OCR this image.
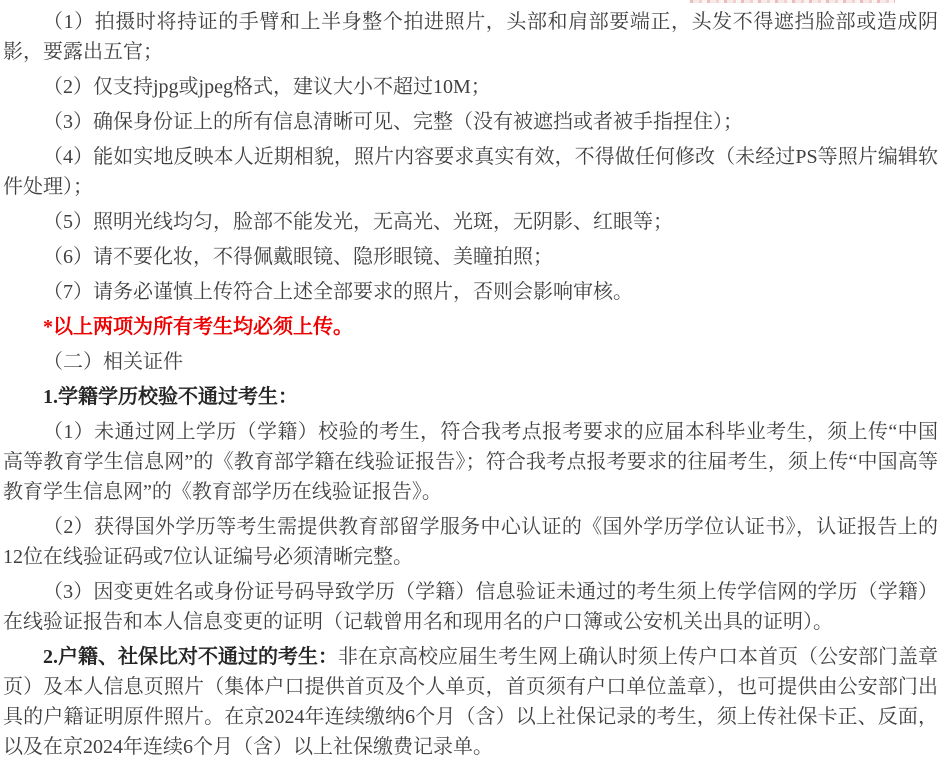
（1）拍摄时将持证的手臂和上半身整个拍进照片，头部和肩部要端正，头发不得遮挡脸部或造成阴影，要露出五官；

（2）仅支持jpg或jpeg格式，建议大小不超过10M；

（3）确保身份证上的所有信息清晰可见、完整（没有被遮挡或者被手指捏住）；

（4）能如实地反映本人近期相貌，照片内容要求真实有效，不得做任何修改（未经过PS等照片编辑软件处理）；

（5）照明光线均匀，脸部不能发光，无高光、光斑，无阴影、红眼等；

（6）请不要化妆，不得佩戴眼镜、隐形眼镜、美瞳拍照；

（7）请务必谨慎上传符合上述全部要求的照片，否则会影响审核。

*以上两项为所有考生均必须上传。

（二）相关证件

1.学籍学历校验不通过考生：

（1）未通过网上学历（学籍）校验的考生，符合我考点报考要求的应届本科毕业考生，须上传“中国高等教育学生信息网”的《教育部学籍在线验证报告》；符合我考点报考要求的往届考生，须上传“中国高等教育学生信息网”的《教育部学历在线验证报告》。

（2）获得国外学历等考生需提供教育部留学服务中心认证的《国外学历学位认证书》，认证报告上的12位在线验证码或7位认证编号必须清晰完整。

（3）因变更姓名或身份证号码导致学历（学籍）信息验证未通过的考生须上传学信网的学历（学籍）在线验证报告和本人信息变更的证明（记载曾用名和现用名的户口簿或公安机关出具的证明）。

2.户籍、社保比对不通过的考生：非在京高校应届生考生网上确认时须上传户口本首页（公安部门盖章页）及本人信息页照片（集体户口提供首页及个人单页，首页须有户口单位盖章），也可提供由公安部门出具的户籍证明原件照片。在京2024年连续缴纳6个月（含）以上社保记录的考生，须上传社保卡正、反面，以及在京2024年连续6个月（含）以上社保缴费记录单。
